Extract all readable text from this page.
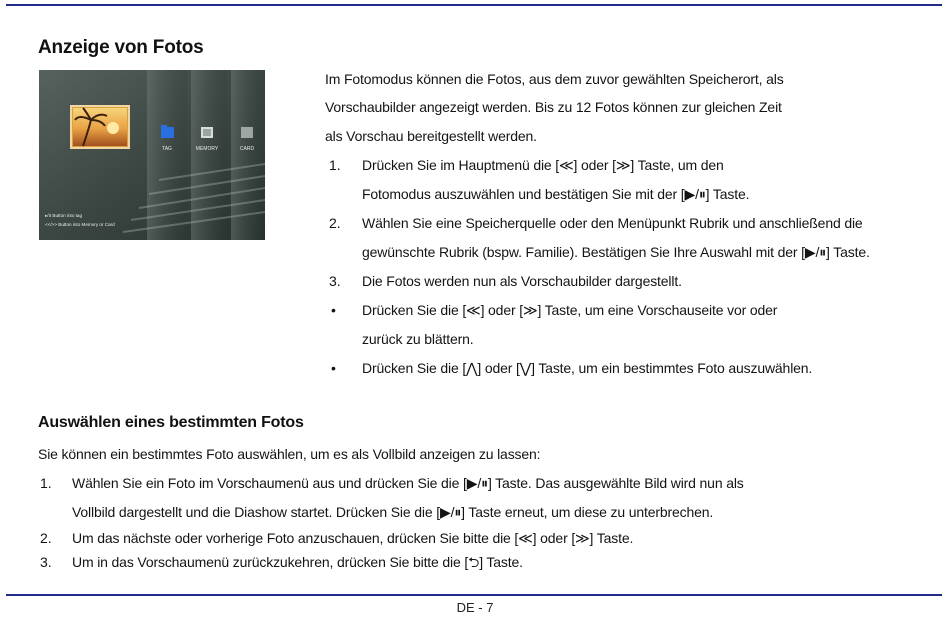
Anzeige von Fotos
TAG	MEMORY	CARD
▸/II Button into tag
<</>> Button into Memory or Card
Im Fotomodus können die Fotos, aus dem zuvor gewählten Speicherort, als
Vorschaubilder angezeigt werden. Bis zu 12 Fotos können zur gleichen Zeit
als Vorschau bereitgestellt werden.
1. Drücken Sie im Hauptmenü die [≪] oder [≫] Taste, um den
Fotomodus auszuwählen und bestätigen Sie mit der [▶/⏸] Taste.
2. Wählen Sie eine Speicherquelle oder den Menüpunkt Rubrik und anschließend die
gewünschte Rubrik (bspw. Familie). Bestätigen Sie Ihre Auswahl mit der [▶/⏸] Taste.
3. Die Fotos werden nun als Vorschaubilder dargestellt.
• Drücken Sie die [≪] oder [≫] Taste, um eine Vorschauseite vor oder
zurück zu blättern.
• Drücken Sie die [⋀] oder [⋁] Taste, um ein bestimmtes Foto auszuwählen.
Auswählen eines bestimmten Fotos
Sie können ein bestimmtes Foto auswählen, um es als Vollbild anzeigen zu lassen:
1. Wählen Sie ein Foto im Vorschaumenü aus und drücken Sie die [▶/⏸] Taste. Das ausgewählte Bild wird nun als
Vollbild dargestellt und die Diashow startet. Drücken Sie die [▶/⏸] Taste erneut, um diese zu unterbrechen.
2. Um das nächste oder vorherige Foto anzuschauen, drücken Sie bitte die [≪] oder [≫] Taste.
3. Um in das Vorschaumenü zurückzukehren, drücken Sie bitte die [⮌] Taste.
DE - 7
